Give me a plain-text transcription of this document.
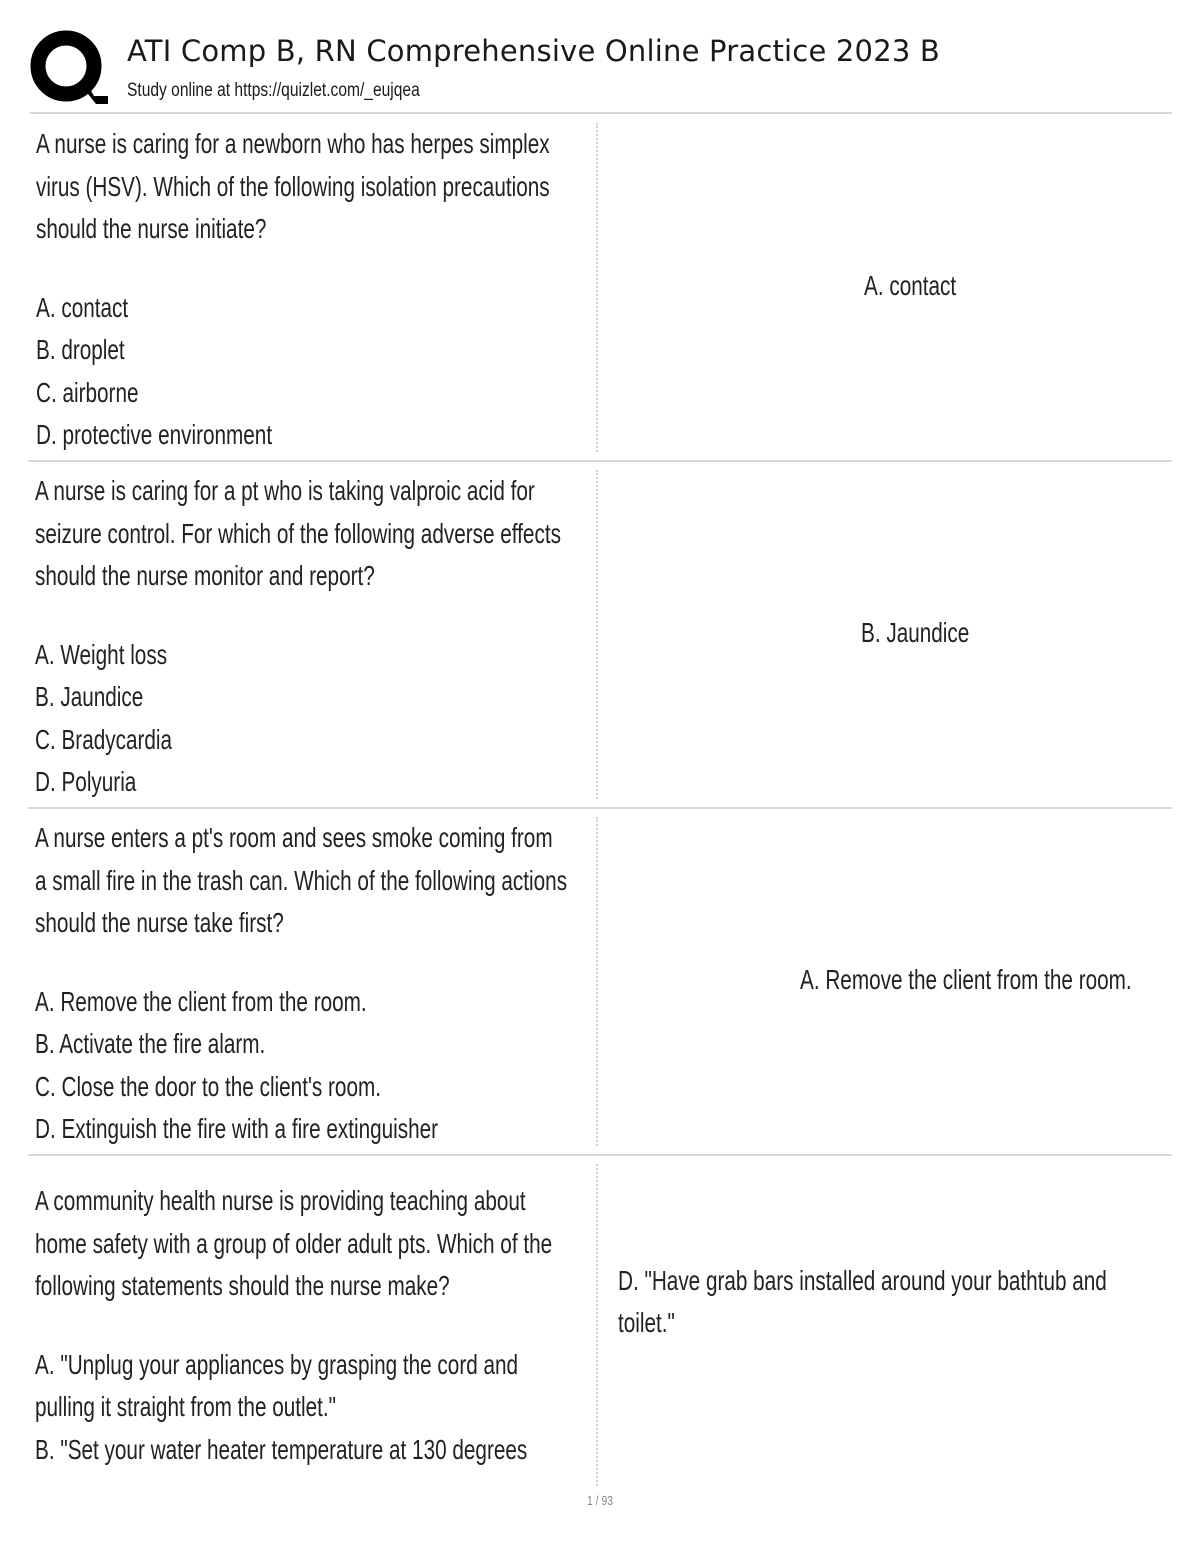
ATI Comp B, RN Comprehensive Online Practice 2023 B
Study online at https://quizlet.com/_eujqea
A nurse is caring for a newborn who has herpes simplex
virus (HSV). Which of the following isolation precautions
should the nurse initiate?
A. contact
B. droplet
C. airborne
D. protective environment
A. contact
A nurse is caring for a pt who is taking valproic acid for
seizure control. For which of the following adverse effects
should the nurse monitor and report?
A. Weight loss
B. Jaundice
C. Bradycardia
D. Polyuria
B. Jaundice
A nurse enters a pt's room and sees smoke coming from
a small fire in the trash can. Which of the following actions
should the nurse take first?
A. Remove the client from the room.
B. Activate the fire alarm.
C. Close the door to the client's room.
D. Extinguish the fire with a fire extinguisher
A. Remove the client from the room.
A community health nurse is providing teaching about
home safety with a group of older adult pts. Which of the
following statements should the nurse make?
A. "Unplug your appliances by grasping the cord and
pulling it straight from the outlet."
B. "Set your water heater temperature at 130 degrees
D. "Have grab bars installed around your bathtub and
toilet."
1 / 93
